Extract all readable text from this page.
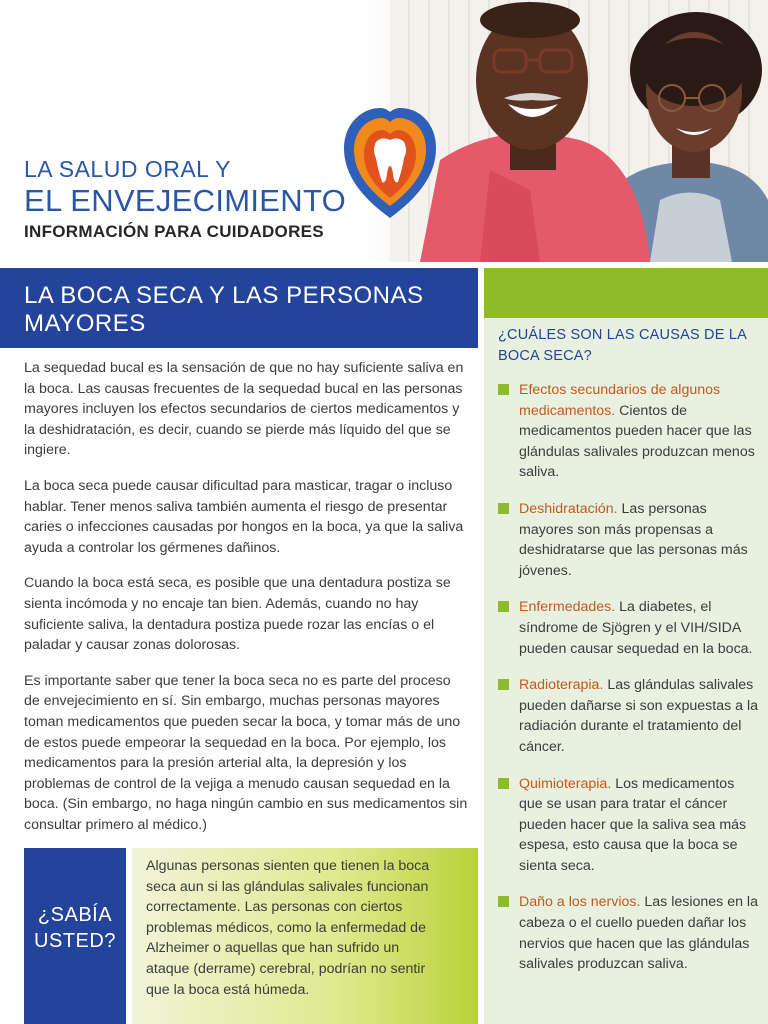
LA SALUD ORAL Y
EL ENVEJECIMIENTO
INFORMACIÓN PARA CUIDADORES
LA BOCA SECA Y LAS PERSONAS MAYORES

La sequedad bucal es la sensación de que no hay suficiente saliva en la boca. Las causas frecuentes de la sequedad bucal en las personas mayores incluyen los efectos secundarios de ciertos medicamentos y la deshidratación, es decir, cuando se pierde más líquido del que se ingiere.

La boca seca puede causar dificultad para masticar, tragar o incluso hablar. Tener menos saliva también aumenta el riesgo de presentar caries o infecciones causadas por hongos en la boca, ya que la saliva ayuda a controlar los gérmenes dañinos.

Cuando la boca está seca, es posible que una dentadura postiza se sienta incómoda y no encaje tan bien. Además, cuando no hay suficiente saliva, la dentadura postiza puede rozar las encías o el paladar y causar zonas dolorosas.

Es importante saber que tener la boca seca no es parte del proceso de envejecimiento en sí. Sin embargo, muchas personas mayores toman medicamentos que pueden secar la boca, y tomar más de uno de estos puede empeorar la sequedad en la boca. Por ejemplo, los medicamentos para la presión arterial alta, la depresión y los problemas de control de la vejiga a menudo causan sequedad en la boca. (Sin embargo, no haga ningún cambio en sus medicamentos sin consultar primero al médico.)

¿SABÍA USTED?

Algunas personas sienten que tienen la boca seca aun si las glándulas salivales funcionan correctamente. Las personas con ciertos problemas médicos, como la enfermedad de Alzheimer o aquellas que han sufrido un ataque (derrame) cerebral, podrían no sentir que la boca está húmeda.

¿CUÁLES SON LAS CAUSAS DE LA BOCA SECA?
Efectos secundarios de algunos medicamentos. Cientos de medicamentos pueden hacer que las glándulas salivales produzcan menos saliva.
Deshidratación. Las personas mayores son más propensas a deshidratarse que las personas más jóvenes.
Enfermedades. La diabetes, el síndrome de Sjögren y el VIH/SIDA pueden causar sequedad en la boca.
Radioterapia. Las glándulas salivales pueden dañarse si son expuestas a la radiación durante el tratamiento del cáncer.
Quimioterapia. Los medicamentos que se usan para tratar el cáncer pueden hacer que la saliva sea más espesa, esto causa que la boca se sienta seca.
Daño a los nervios. Las lesiones en la cabeza o el cuello pueden dañar los nervios que hacen que las glándulas salivales produzcan saliva.
